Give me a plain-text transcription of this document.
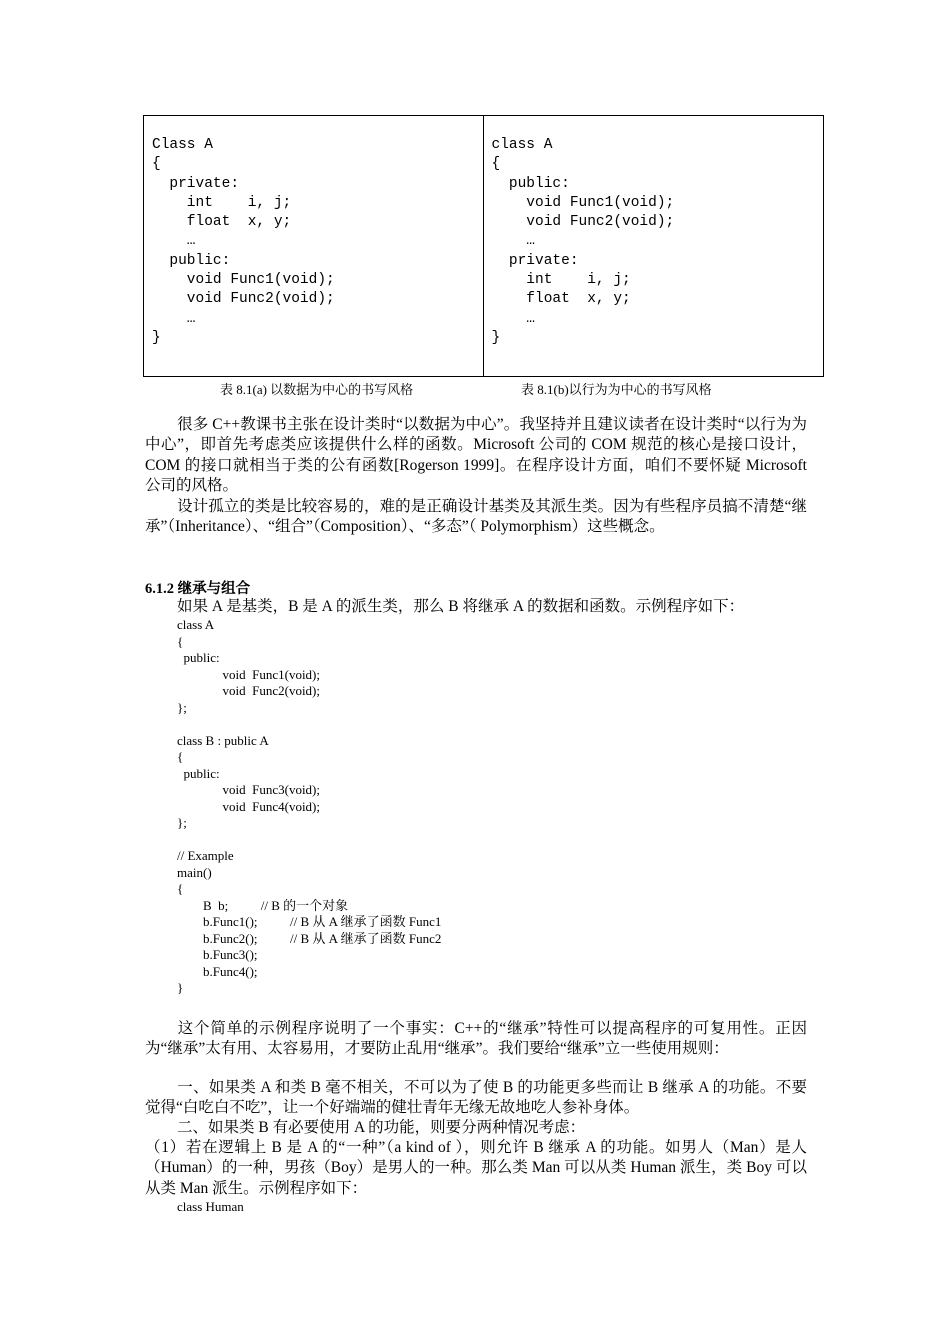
Class A
{
private:
int    i, j;
float  x, y;
…
public:
void Func1(void);
void Func2(void);
…
}
class A
{
public:
void Func1(void);
void Func2(void);
…
private:
int    i, j;
float  x, y;
…
}
表 8.1(a) 以数据为中心的书写风格	表 8.1(b)以行为为中心的书写风格

很多 C++教课书主张在设计类时“以数据为中心”。我坚持并且建议读者在设计类时“以行为为中心”，即首先考虑类应该提供什么样的函数。Microsoft 公司的 COM 规范的核心是接口设计，COM 的接口就相当于类的公有函数[Rogerson 1999]。在程序设计方面，咱们不要怀疑 Microsoft 公司的风格。

设计孤立的类是比较容易的，难的是正确设计基类及其派生类。因为有些程序员搞不清楚“继承”（Inheritance）、“组合”（Composition）、“多态”（ Polymorphism）这些概念。

6.1.2 继承与组合
如果 A 是基类，B 是 A 的派生类，那么 B 将继承 A 的数据和函数。示例程序如下：
class A
{
public:
void  Func1(void);
void  Func2(void);
};

class B : public A
{
public:
void  Func3(void);
void  Func4(void);
};

// Example
main()
{
B  b;          // B 的一个对象
b.Func1();          // B 从 A 继承了函数 Func1
b.Func2();          // B 从 A 继承了函数 Func2
b.Func3();
b.Func4();
}

这个简单的示例程序说明了一个事实：C++的“继承”特性可以提高程序的可复用性。正因为“继承”太有用、太容易用，才要防止乱用“继承”。我们要给“继承”立一些使用规则：

一、如果类 A 和类 B 毫不相关，不可以为了使 B 的功能更多些而让 B 继承 A 的功能。不要觉得“白吃白不吃”，让一个好端端的健壮青年无缘无故地吃人参补身体。

二、如果类 B 有必要使用 A 的功能，则要分两种情况考虑：

（1）若在逻辑上 B 是 A 的“一种”（a kind of ），则允许 B 继承 A 的功能。如男人（Man）是人（Human）的一种，男孩（Boy）是男人的一种。那么类 Man 可以从类 Human 派生，类 Boy 可以从类 Man 派生。示例程序如下：

class Human
